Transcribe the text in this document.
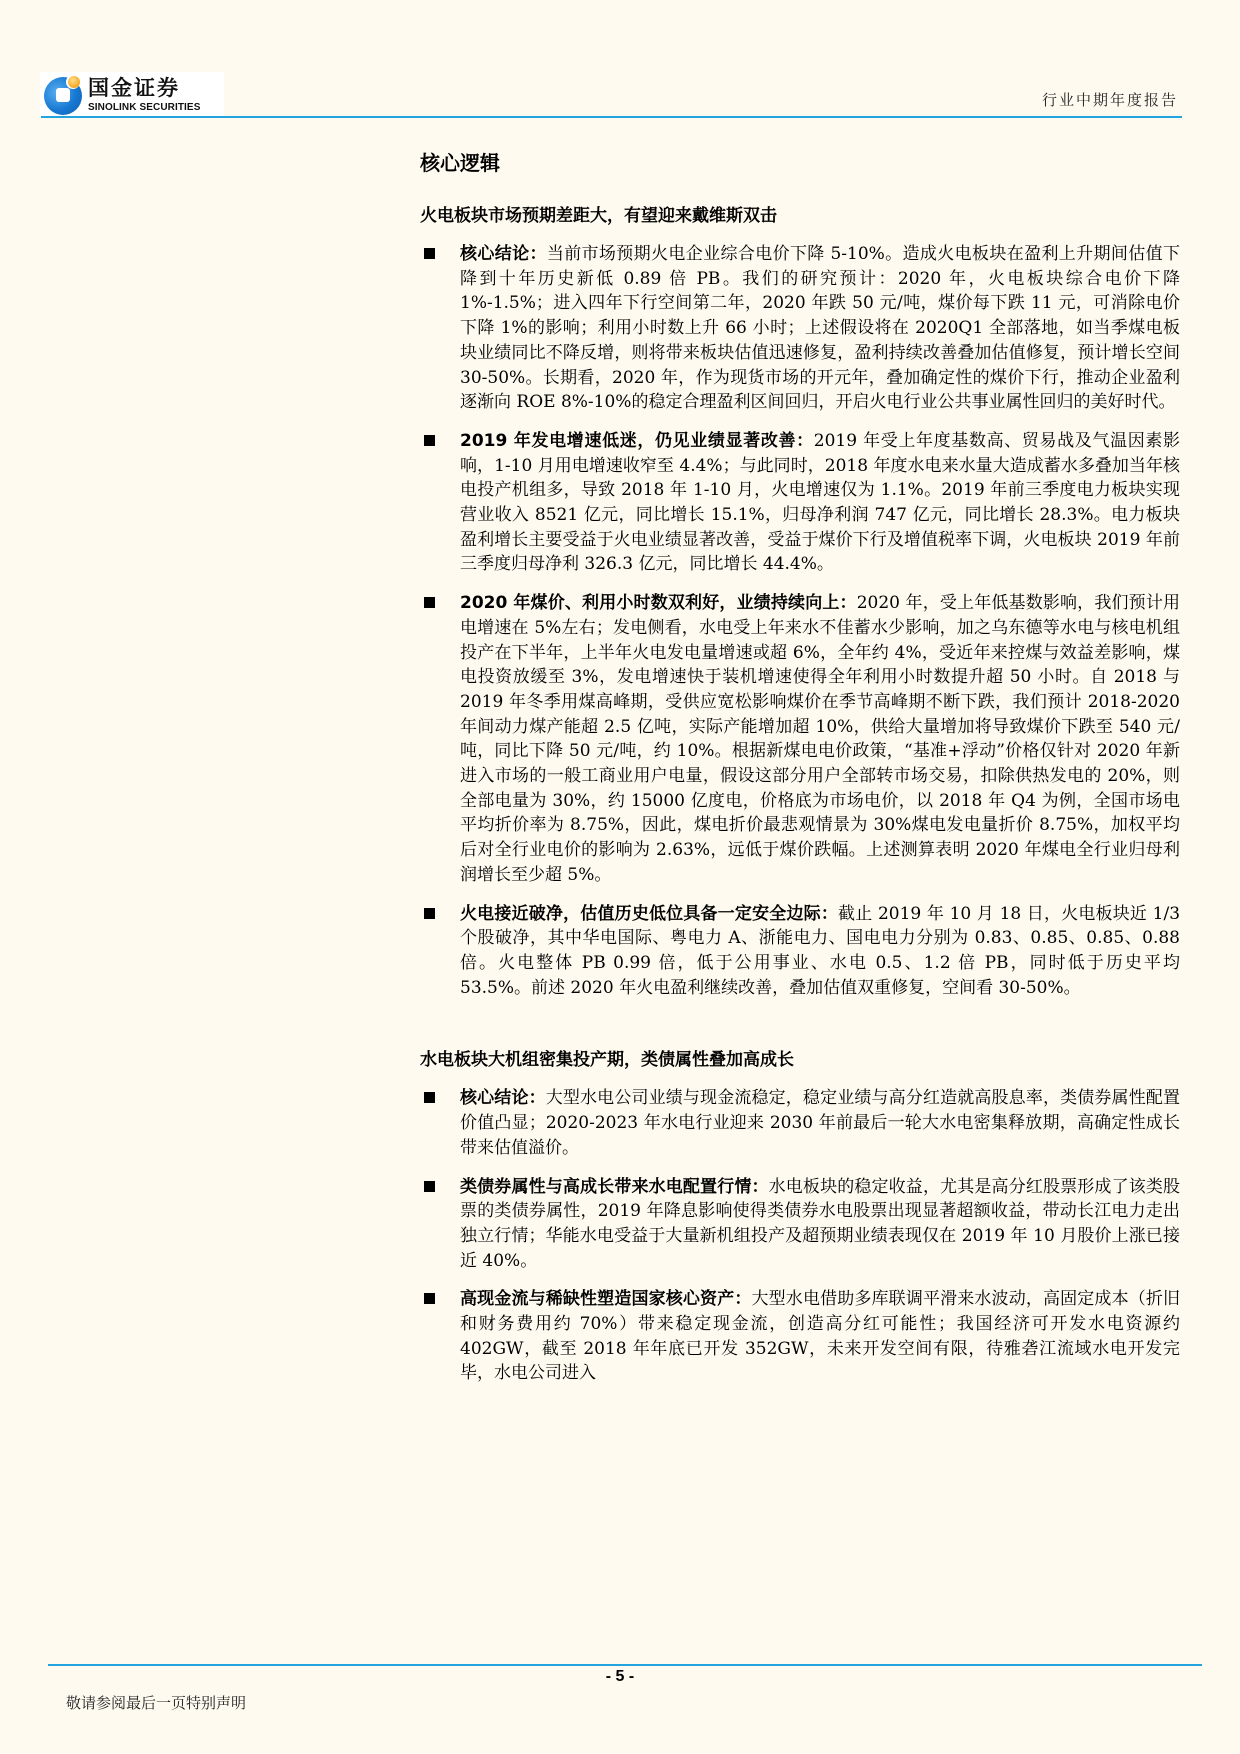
国金证券
SINOLINK SECURITIES	行业中期年度报告
核心逻辑
火电板块市场预期差距大，有望迎来戴维斯双击
核心结论：当前市场预期火电企业综合电价下降 5-10%。造成火电板块在盈利上升期间估值下降到十年历史新低 0.89 倍 PB。我们的研究预计：2020 年，火电板块综合电价下降 1%-1.5%；进入四年下行空间第二年，2020 年跌 50 元/吨，煤价每下跌 11 元，可消除电价下降 1%的影响；利用小时数上升 66 小时；上述假设将在 2020Q1 全部落地，如当季煤电板块业绩同比不降反增，则将带来板块估值迅速修复，盈利持续改善叠加估值修复，预计增长空间 30-50%。长期看，2020 年，作为现货市场的开元年，叠加确定性的煤价下行，推动企业盈利逐渐向 ROE 8%-10%的稳定合理盈利区间回归，开启火电行业公共事业属性回归的美好时代。
2019 年发电增速低迷，仍见业绩显著改善：2019 年受上年度基数高、贸易战及气温因素影响，1-10 月用电增速收窄至 4.4%；与此同时，2018 年度水电来水量大造成蓄水多叠加当年核电投产机组多，导致 2018 年 1-10 月，火电增速仅为 1.1%。2019 年前三季度电力板块实现营业收入 8521 亿元，同比增长 15.1%，归母净利润 747 亿元，同比增长 28.3%。电力板块盈利增长主要受益于火电业绩显著改善，受益于煤价下行及增值税率下调，火电板块 2019 年前三季度归母净利 326.3 亿元，同比增长 44.4%。
2020 年煤价、利用小时数双利好，业绩持续向上：2020 年，受上年低基数影响，我们预计用电增速在 5%左右；发电侧看，水电受上年来水不佳蓄水少影响，加之乌东德等水电与核电机组投产在下半年，上半年火电发电量增速或超 6%，全年约 4%，受近年来控煤与效益差影响，煤电投资放缓至 3%，发电增速快于装机增速使得全年利用小时数提升超 50 小时。自 2018 与 2019 年冬季用煤高峰期，受供应宽松影响煤价在季节高峰期不断下跌，我们预计 2018-2020 年间动力煤产能超 2.5 亿吨，实际产能增加超 10%，供给大量增加将导致煤价下跌至 540 元/吨，同比下降 50 元/吨，约 10%。根据新煤电电价政策，“基准+浮动”价格仅针对 2020 年新进入市场的一般工商业用户电量，假设这部分用户全部转市场交易，扣除供热发电的 20%，则全部电量为 30%，约 15000 亿度电，价格底为市场电价，以 2018 年 Q4 为例，全国市场电平均折价率为 8.75%，因此，煤电折价最悲观情景为 30%煤电发电量折价 8.75%，加权平均后对全行业电价的影响为 2.63%，远低于煤价跌幅。上述测算表明 2020 年煤电全行业归母利润增长至少超 5%。
火电接近破净，估值历史低位具备一定安全边际：截止 2019 年 10 月 18 日，火电板块近 1/3 个股破净，其中华电国际、粤电力 A、浙能电力、国电电力分别为 0.83、0.85、0.85、0.88 倍。火电整体 PB 0.99 倍，低于公用事业、水电 0.5、1.2 倍 PB，同时低于历史平均 53.5%。前述 2020 年火电盈利继续改善，叠加估值双重修复，空间看 30-50%。
水电板块大机组密集投产期，类债属性叠加高成长
核心结论：大型水电公司业绩与现金流稳定，稳定业绩与高分红造就高股息率，类债券属性配置价值凸显；2020-2023 年水电行业迎来 2030 年前最后一轮大水电密集释放期，高确定性成长带来估值溢价。
类债券属性与高成长带来水电配置行情：水电板块的稳定收益，尤其是高分红股票形成了该类股票的类债券属性，2019 年降息影响使得类债券水电股票出现显著超额收益，带动长江电力走出独立行情；华能水电受益于大量新机组投产及超预期业绩表现仅在 2019 年 10 月股价上涨已接近 40%。
高现金流与稀缺性塑造国家核心资产：大型水电借助多库联调平滑来水波动，高固定成本（折旧和财务费用约 70%）带来稳定现金流，创造高分红可能性；我国经济可开发水电资源约 402GW，截至 2018 年年底已开发 352GW，未来开发空间有限，待雅砻江流域水电开发完毕，水电公司进入
- 5 -
敬请参阅最后一页特别声明
